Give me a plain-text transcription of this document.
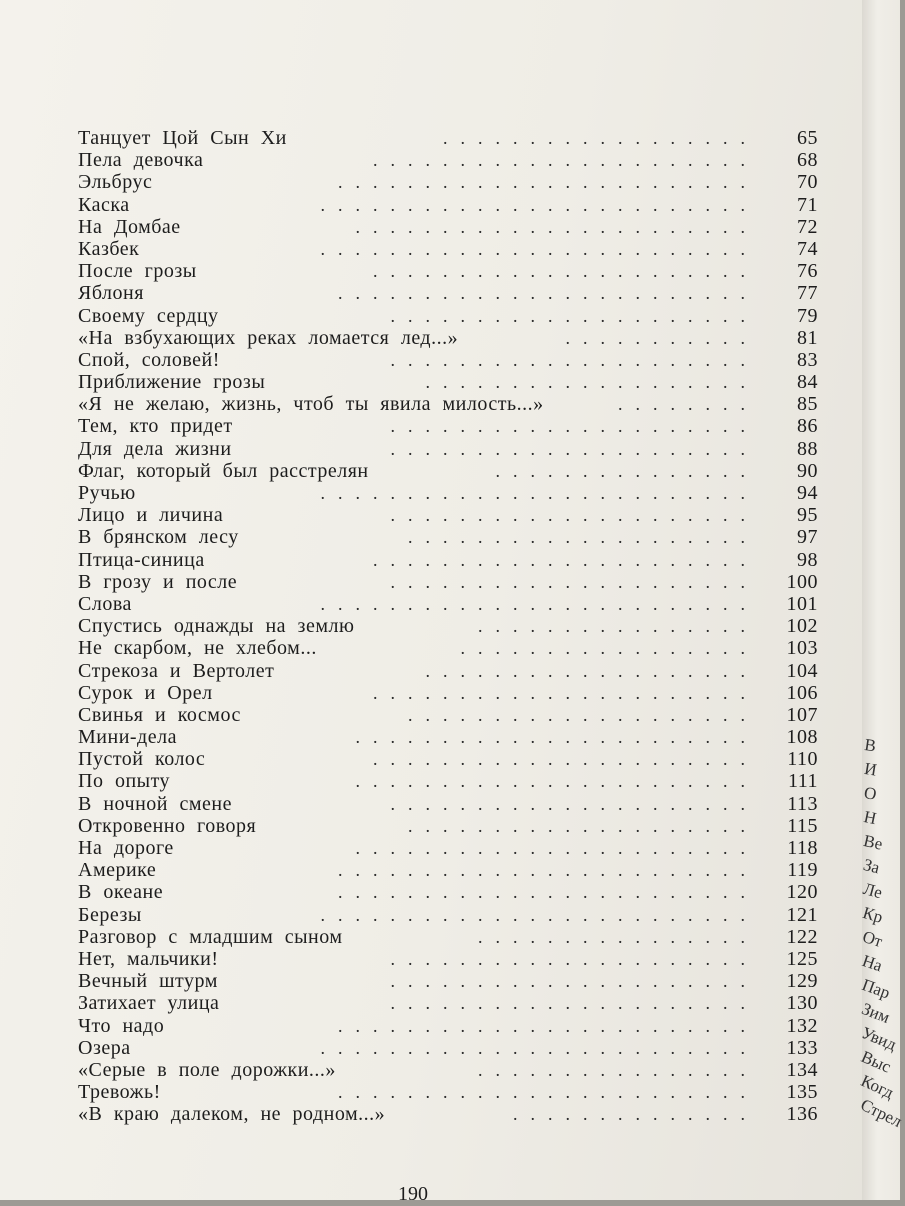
Танцует Цой Сын Хи	.................. 65
Пела девочка	...................... 68
Эльбрус	........................ 70
Каска	......................... 71
На Домбае	....................... 72
Казбек	......................... 74
После грозы	...................... 76
Яблоня	........................ 77
Своему сердцу	..................... 79
«На взбухающих реках ломается лед...»	........... 81
Спой, соловей!	..................... 83
Приближение грозы	................... 84
«Я не желаю, жизнь, чтоб ты явила милость...»	........ 85
Тем, кто придет	..................... 86
Для дела жизни	..................... 88
Флаг, который был расстрелян	............... 90
Ручью	......................... 94
Лицо и личина	..................... 95
В брянском лесу	.................... 97
Птица-синица	...................... 98
В грозу и после	..................... 100
Слова	......................... 101
Спустись однажды на землю	................ 102
Не скарбом, не хлебом...	................. 103
Стрекоза и Вертолет	................... 104
Сурок и Орел	...................... 106
Свинья и космос	.................... 107
Мини-дела	....................... 108
Пустой колос	...................... 110
По опыту	....................... 111
В ночной смене	..................... 113
Откровенно говоря	.................... 115
На дороге	....................... 118
Америке	........................ 119
В океане	........................ 120
Березы	......................... 121
Разговор с младшим сыном	................ 122
Нет, мальчики!	..................... 125
Вечный штурм	..................... 129
Затихает улица	..................... 130
Что надо	........................ 132
Озера	......................... 133
«Серые в поле дорожки...»	................ 134
Тревожь!	........................ 135
«В краю далеком, не родном...»	.............. 136
190
В
И
О
Н
Ве
За
Ле
Кр
От
На
Пар
Зим
Увид
Выс
Когд
Стрел
